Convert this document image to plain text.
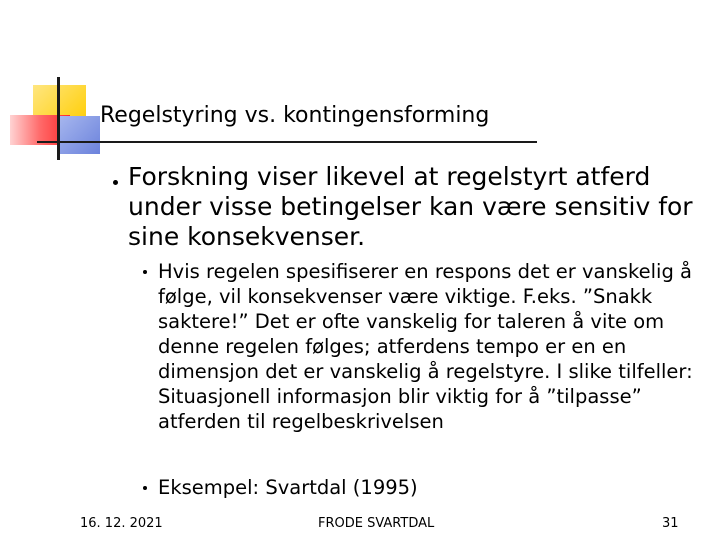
Regelstyring vs. kontingensforming

Forskning viser likevel at regelstyrt atferd under visse betingelser kan være sensitiv for sine konsekvenser.

Hvis regelen spesifiserer en respons det er vanskelig å følge, vil konsekvenser være viktige. F.eks. ”Snakk saktere!” Det er ofte vanskelig for taleren å vite om denne regelen følges; atferdens tempo er en en dimensjon det er vanskelig å regelstyre. I slike tilfeller: Situasjonell informasjon blir viktig for å ”tilpasse” atferden til regelbeskrivelsen

Eksempel: Svartdal (1995)

16. 12. 2021	FRODE SVARTDAL	31
